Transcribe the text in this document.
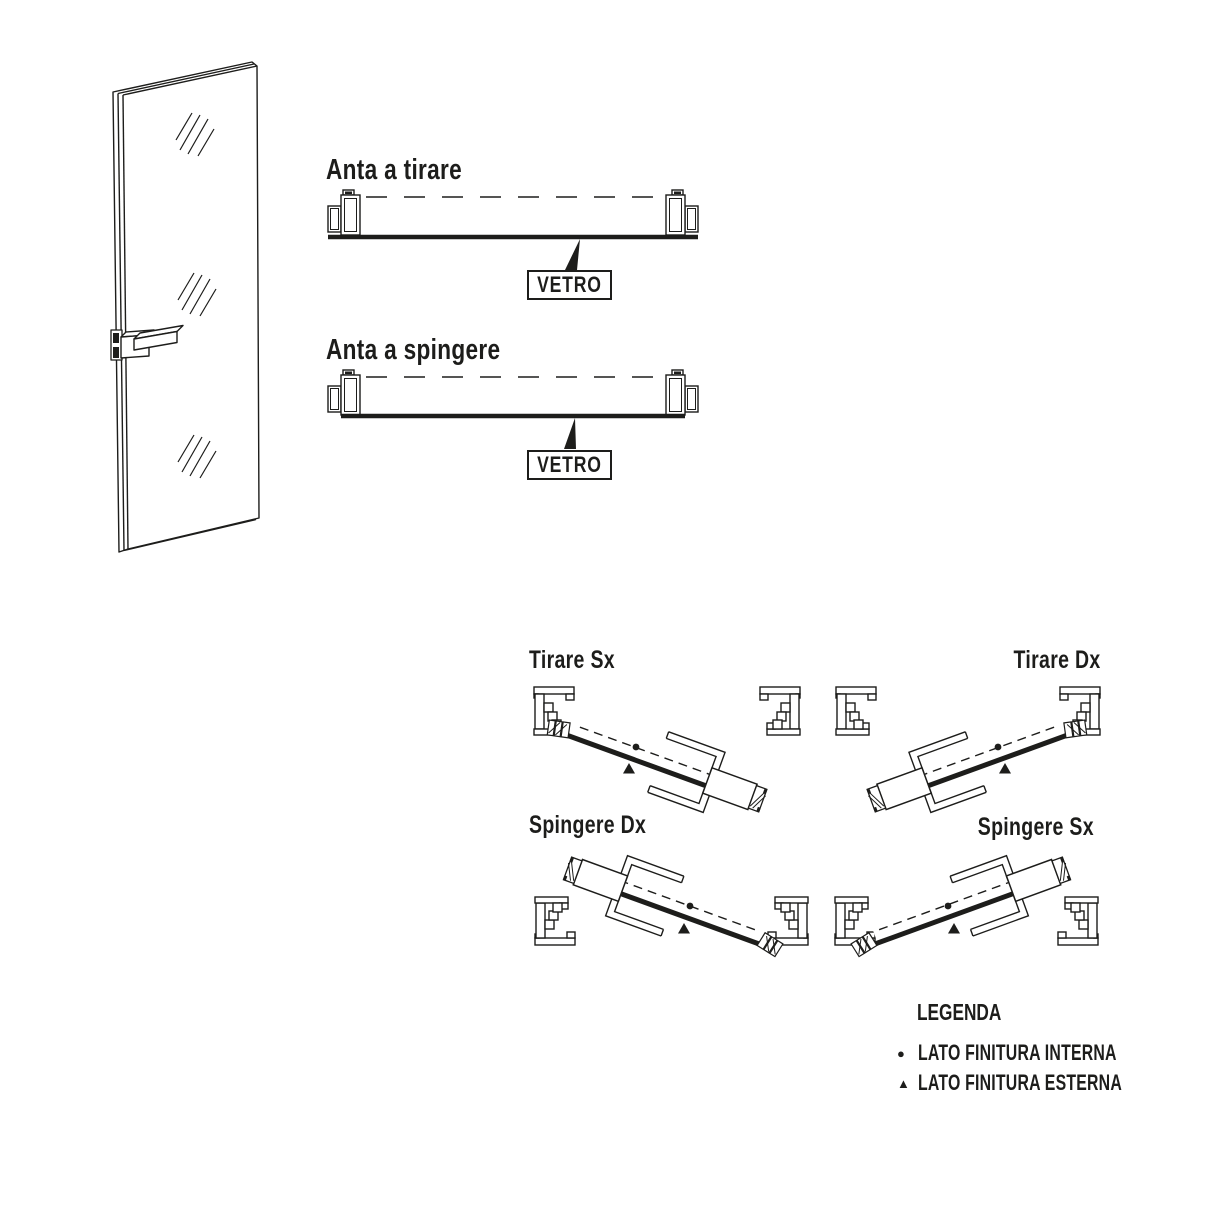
Anta a tirare
Anta a spingere
VETRO
VETRO
Tirare Sx	Tirare Dx
Spingere Dx	Spingere Sx
LEGENDA
● LATO FINITURA INTERNA
▲ LATO FINITURA ESTERNA
